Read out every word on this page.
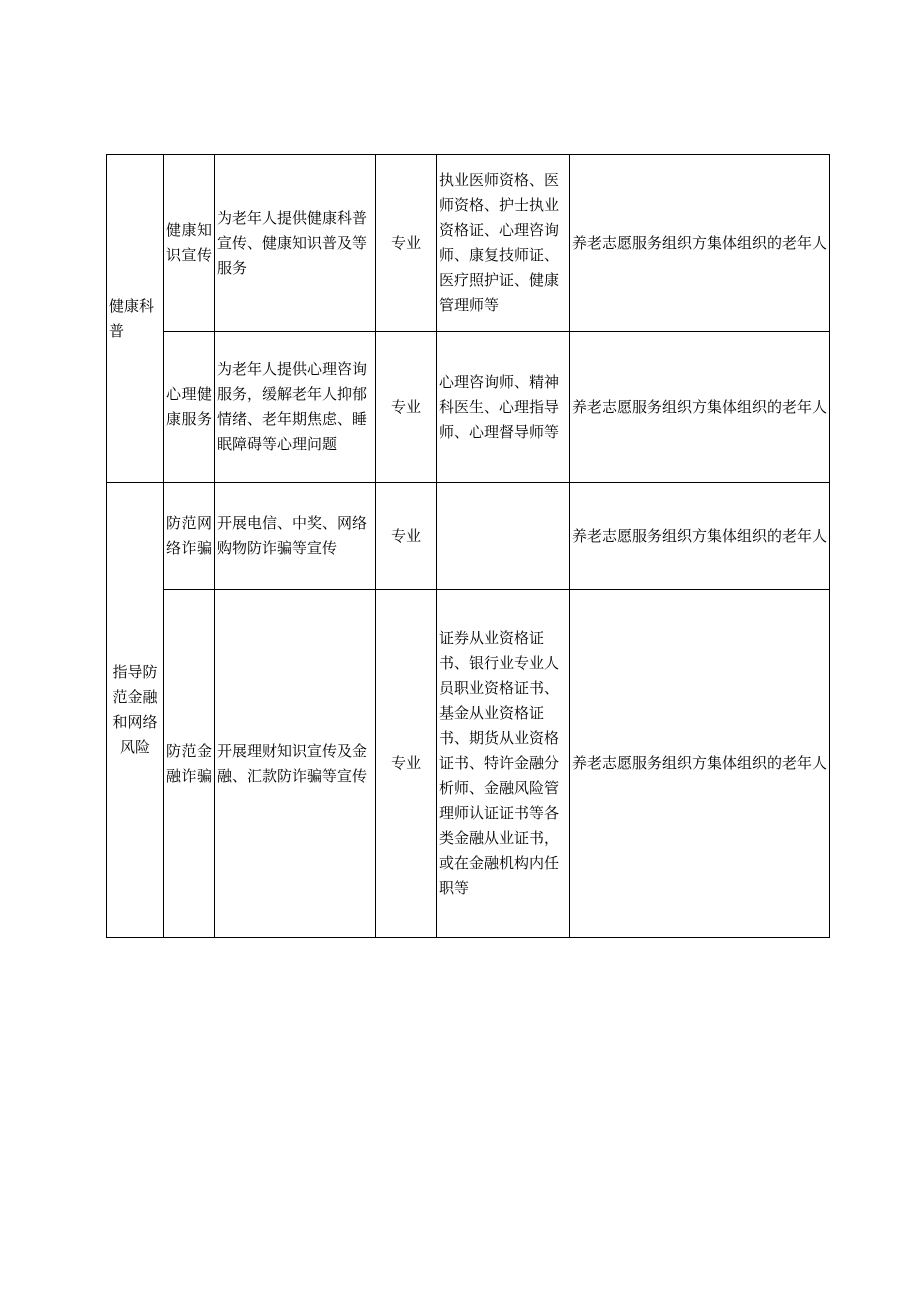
健康科普	健康知识宣传	为老年人提供健康科普宣传、健康知识普及等服务	专业	执业医师资格、医师资格、护士执业资格证、心理咨询师、康复技师证、医疗照护证、健康管理师等	养老志愿服务组织方集体组织的老年人

	心理健康服务	为老年人提供心理咨询服务，缓解老年人抑郁情绪、老年期焦虑、睡眠障碍等心理问题	专业	心理咨询师、精神科医生、心理指导师、心理督导师等	养老志愿服务组织方集体组织的老年人
指导防范金融和网络风险	防范网络诈骗	开展电信、中奖、网络购物防诈骗等宣传	专业		养老志愿服务组织方集体组织的老年人

	防范金融诈骗	开展理财知识宣传及金融、汇款防诈骗等宣传	专业	证券从业资格证书、银行业专业人员职业资格证书、基金从业资格证书、期货从业资格证书、特许金融分析师、金融风险管理师认证证书等各类金融从业证书，或在金融机构内任职等	养老志愿服务组织方集体组织的老年人
